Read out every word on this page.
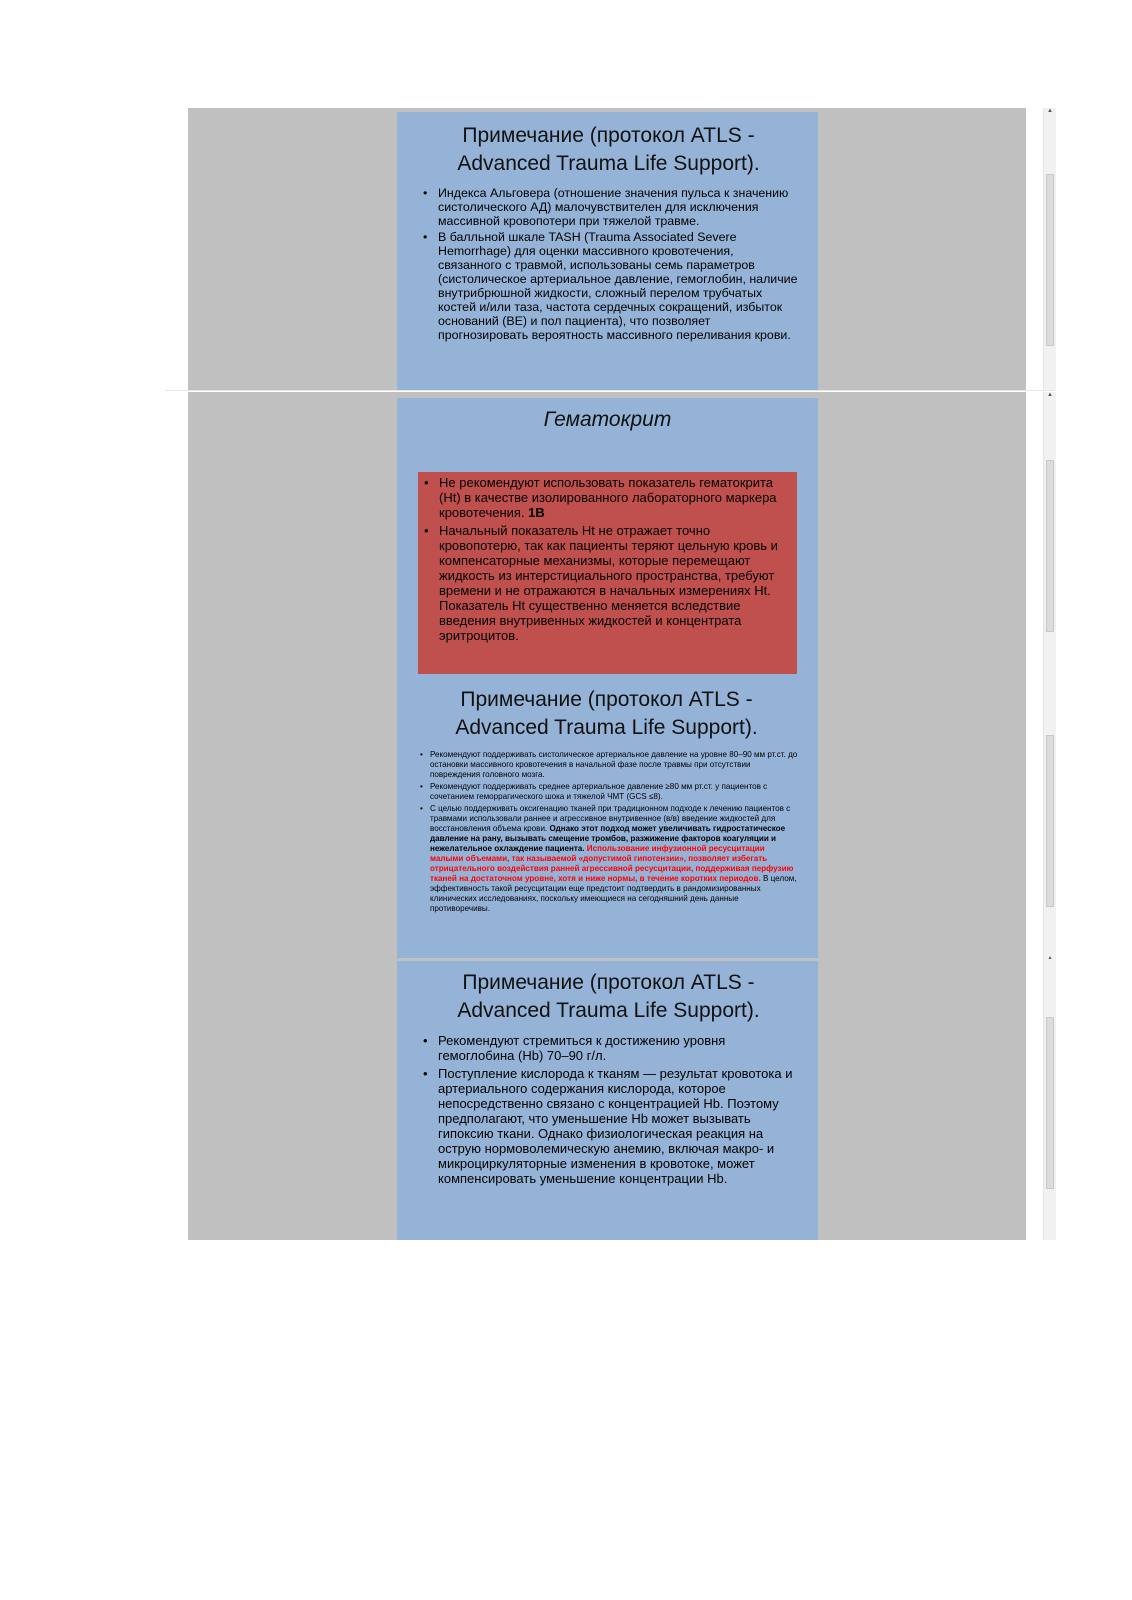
▲
▲
▴
Примечание (протокол ATLS -
Advanced Trauma Life Support).
• Индекса Альговера (отношение значения пульса к значению систолического АД) малочувствителен для исключения массивной кровопотери при тяжелой травме.
• В балльной шкале TASH (Trauma Associated Severe Hemorrhage) для оценки массивного кровотечения, связанного с травмой, использованы семь параметров (систолическое артериальное давление, гемоглобин, наличие внутрибрюшной жидкости, сложный перелом трубчатых костей и/или таза, частота сердечных сокращений, избыток оснований (BE) и пол пациента), что позволяет прогнозировать вероятность массивного переливания крови.
Гематокрит
• Не рекомендуют использовать показатель гематокрита (Ht) в качестве изолированного лабораторного маркера кровотечения. 1B
• Начальный показатель Ht не отражает точно кровопотерю, так как пациенты теряют цельную кровь и компенсаторные механизмы, которые перемещают жидкость из интерстициального пространства, требуют времени и не отражаются в начальных измерениях Ht. Показатель Ht существенно меняется вследствие введения внутривенных жидкостей и концентрата эритроцитов.
Примечание (протокол ATLS -
Advanced Trauma Life Support).
• Рекомендуют поддерживать систолическое артериальное давление на уровне 80–90 мм рт.ст. до остановки массивного кровотечения в начальной фазе после травмы при отсутствии повреждения головного мозга.
• Рекомендуют поддерживать среднее артериальное давление ≥80 мм рт.ст. у пациентов с сочетанием геморрагического шока и тяжелой ЧМТ (GCS ≤8).
• С целью поддерживать оксигенацию тканей при традиционном подходе к лечению пациентов с травмами использовали раннее и агрессивное внутривенное (в/в) введение жидкостей для восстановления объема крови. Однако этот подход может увеличивать гидростатическое давление на рану, вызывать смещение тромбов, разжижение факторов коагуляции и нежелательное охлаждение пациента. Использование инфузионной ресусцитации малыми объемами, так называемой «допустимой гипотензии», позволяет избегать отрицательного воздействия ранней агрессивной ресусцитации, поддерживая перфузию тканей на достаточном уровне, хотя и ниже нормы, в течение коротких периодов. В целом, эффективность такой ресусцитации еще предстоит подтвердить в рандомизированных клинических исследованиях, поскольку имеющиеся на сегодняшний день данные противоречивы.
Примечание (протокол ATLS -
Advanced Trauma Life Support).
• Рекомендуют стремиться к достижению уровня гемоглобина (Hb) 70–90 г/л.
• Поступление кислорода к тканям — результат кровотока и артериального содержания кислорода, которое непосредственно связано с концентрацией Hb. Поэтому предполагают, что уменьшение Hb может вызывать гипоксию ткани. Однако физиологическая реакция на острую нормоволемическую анемию, включая макро- и микроциркуляторные изменения в кровотоке, может компенсировать уменьшение концентрации Hb.
